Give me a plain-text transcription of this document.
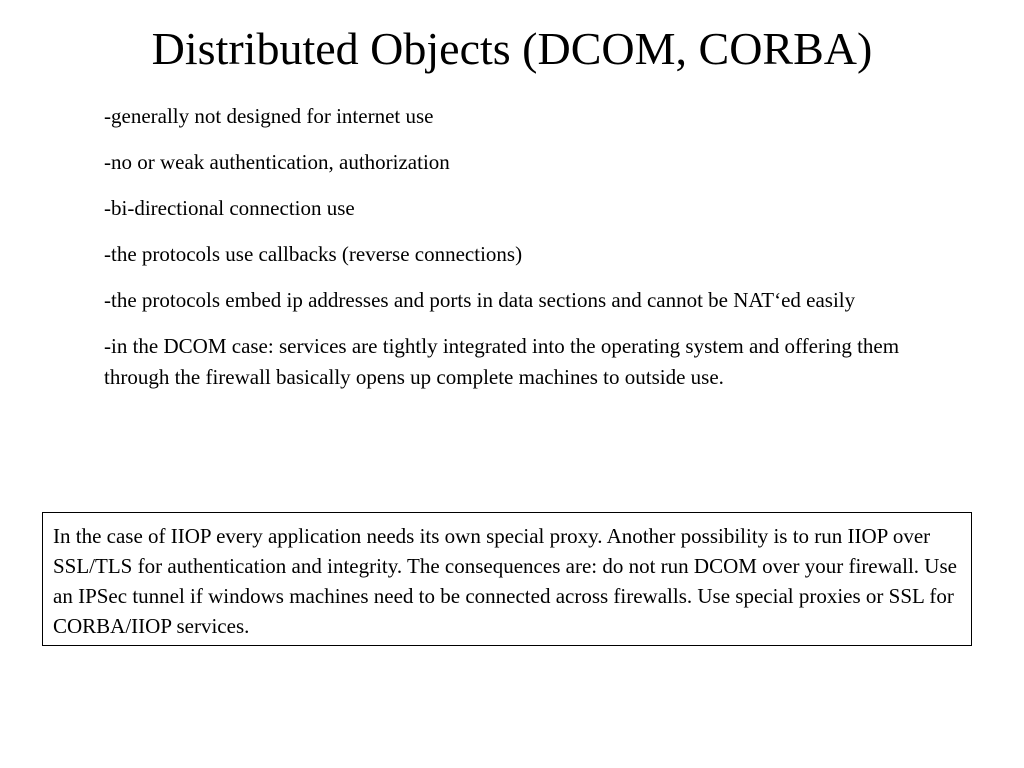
Distributed Objects (DCOM, CORBA)
-generally not designed for internet use
-no or weak authentication, authorization
-bi-directional connection use
-the protocols use callbacks (reverse connections)
-the protocols embed ip addresses and ports in data sections and cannot be NAT‘ed easily
-in the DCOM case: services are tightly integrated into the operating system and offering them through the firewall basically opens up complete machines to outside use.

In the case of IIOP every application needs its own special proxy. Another possibility is to run IIOP over SSL/TLS for authentication and integrity. The consequences are: do not run DCOM over your firewall. Use an IPSec tunnel if windows machines need to be connected across firewalls. Use special proxies or SSL for CORBA/IIOP services.
